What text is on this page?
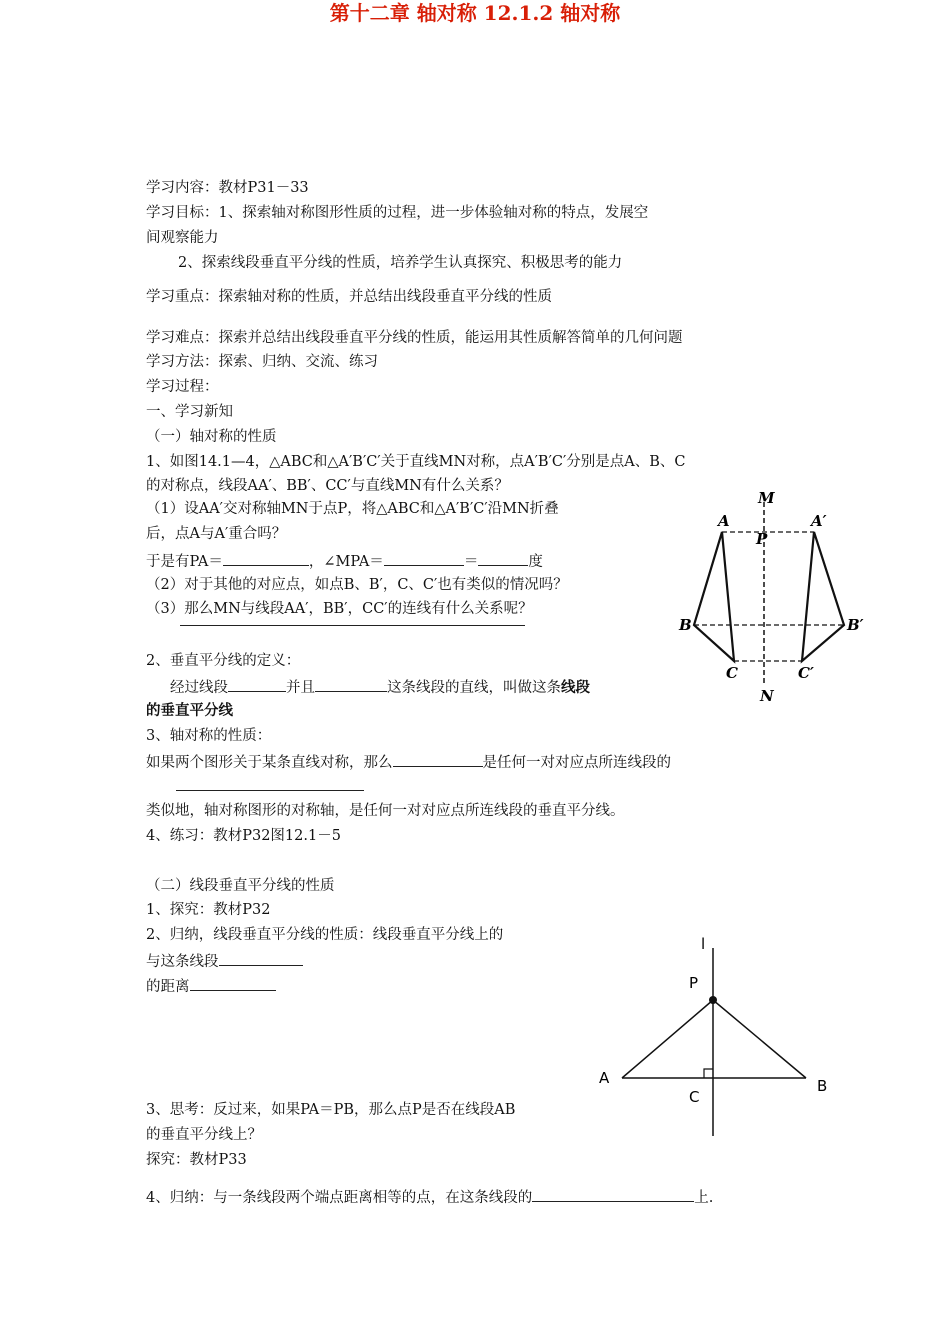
第十二章 轴对称 12.1.2 轴对称
学习内容：教材P31－33
学习目标：1、探索轴对称图形性质的过程，进一步体验轴对称的特点，发展空
间观察能力
2、探索线段垂直平分线的性质，培养学生认真探究、积极思考的能力
学习重点：探索轴对称的性质，并总结出线段垂直平分线的性质
学习难点：探索并总结出线段垂直平分线的性质，能运用其性质解答简单的几何问题
学习方法：探索、归纳、交流、练习
学习过程：
一、学习新知
（一）轴对称的性质
1、如图14.1—4，△ABC和△A′B′C′关于直线MN对称，点A′B′C′分别是点A、B、C
的对称点，线段AA′、BB′、CC′与直线MN有什么关系？
（1）设AA′交对称轴MN于点P，将△ABC和△A′B′C′沿MN折叠
后，点A与A′重合吗？
于是有PA＝	，∠MPA＝	＝	度
（2）对于其他的对应点，如点B、B′，C、C′也有类似的情况吗？
（3）那么MN与线段AA′，BB′，CC′的连线有什么关系呢？
2、垂直平分线的定义：
经过线段	并且	这条线段的直线，叫做这条线段
的垂直平分线
3、轴对称的性质：
如果两个图形关于某条直线对称，那么	是任何一对对应点所连线段的
类似地，轴对称图形的对称轴，是任何一对对应点所连线段的垂直平分线。
4、练习：教材P32图12.1－5
（二）线段垂直平分线的性质
1、探究：教材P32
2、归纳，线段垂直平分线的性质：线段垂直平分线上的
与这条线段
的距离
3、思考：反过来，如果PA＝PB，那么点P是否在线段AB
的垂直平分线上？
探究：教材P33
4、归纳：与一条线段两个端点距离相等的点，在这条线段的	上.
M
N
A	A′
P
B	B′
C	C′
l
P
A	B
C
